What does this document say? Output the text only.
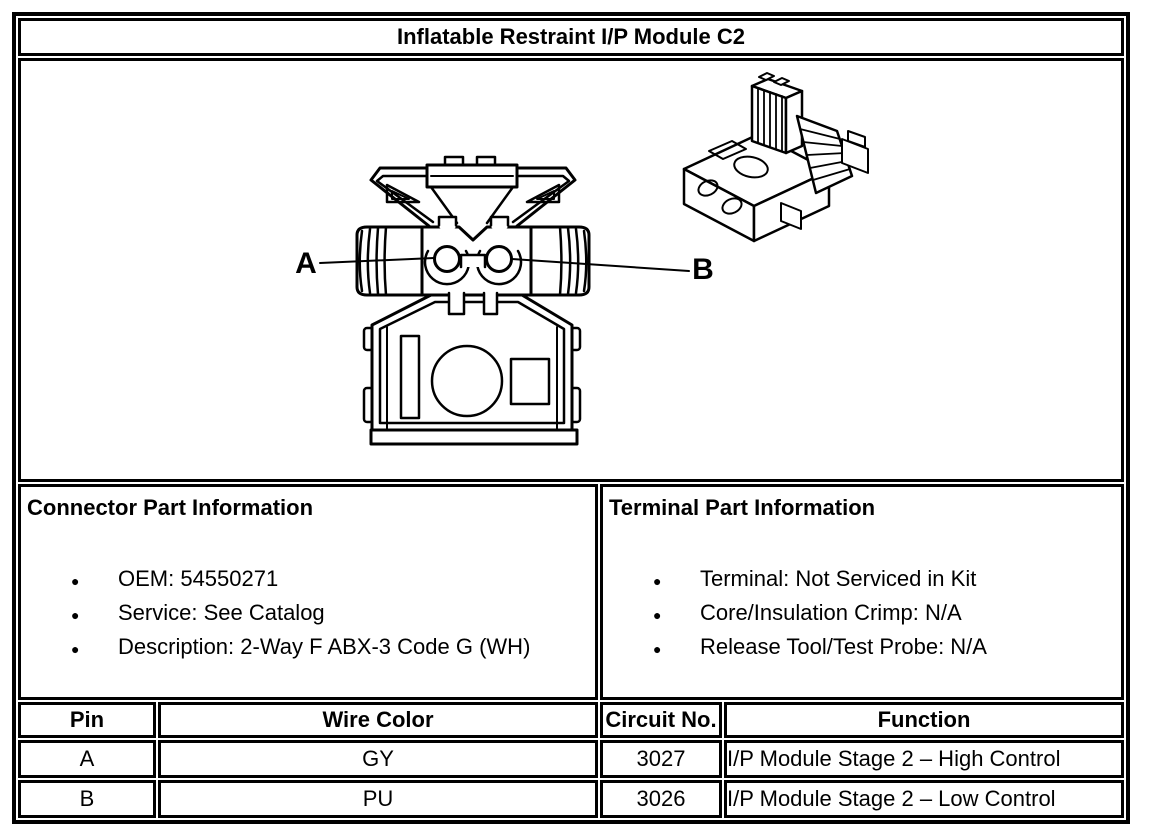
Inflatable Restraint I/P Module C2			

A B			

Connector Part Information
●	OEM: 54550271
●	Service: See Catalog
●	Description: 2-Way F ABX-3 Code G (WH)

Terminal Part Information
●	Terminal: Not Serviced in Kit
●	Core/Insulation Crimp: N/A
●	Release Tool/Test Probe: N/A

Pin	Wire Color	Circuit No.	Function
A	GY	3027	I/P Module Stage 2 – High Control
B	PU	3026	I/P Module Stage 2 – Low Control
